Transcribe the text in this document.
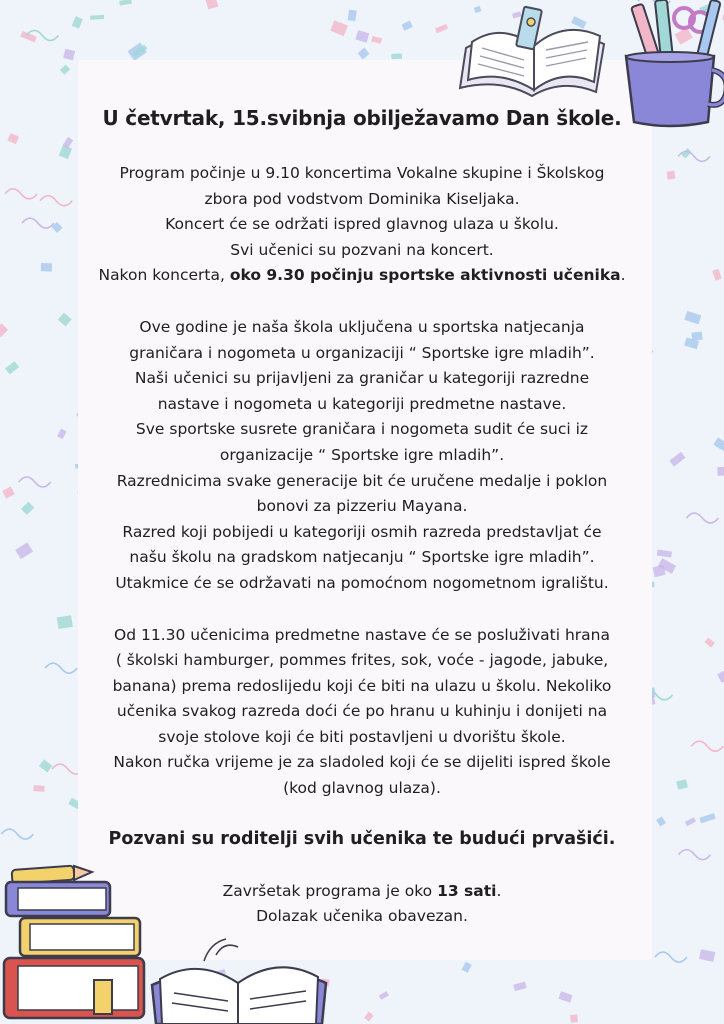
U četvrtak, 15.svibnja obilježavamo Dan škole.
Program počinje u 9.10 koncertima Vokalne skupine i Školskog
zbora pod vodstvom Dominika Kiseljaka.
Koncert će se održati ispred glavnog ulaza u školu.
Svi učenici su pozvani na koncert.
Nakon koncerta, oko 9.30 počinju sportske aktivnosti učenika.
Ove godine je naša škola uključena u sportska natjecanja
graničara i nogometa u organizaciji “ Sportske igre mladih”.
Naši učenici su prijavljeni za graničar u kategoriji razredne
nastave i nogometa u kategoriji predmetne nastave.
Sve sportske susrete graničara i nogometa sudit će suci iz
organizacije “ Sportske igre mladih”.
Razrednicima svake generacije bit će uručene medalje i poklon
bonovi za pizzeriu Mayana.
Razred koji pobijedi u kategoriji osmih razreda predstavljat će
našu školu na gradskom natjecanju “ Sportske igre mladih”.
Utakmice će se održavati na pomoćnom nogometnom igralištu.
Od 11.30 učenicima predmetne nastave će se posluživati hrana
( školski hamburger, pommes frites, sok, voće - jagode, jabuke,
banana) prema redoslijedu koji će biti na ulazu u školu. Nekoliko
učenika svakog razreda doći će po hranu u kuhinju i donijeti na
svoje stolove koji će biti postavljeni u dvorištu škole.
Nakon ručka vrijeme je za sladoled koji će se dijeliti ispred škole
(kod glavnog ulaza).
Pozvani su roditelji svih učenika te budući prvašići.
Završetak programa je oko 13 sati.
Dolazak učenika obavezan.
